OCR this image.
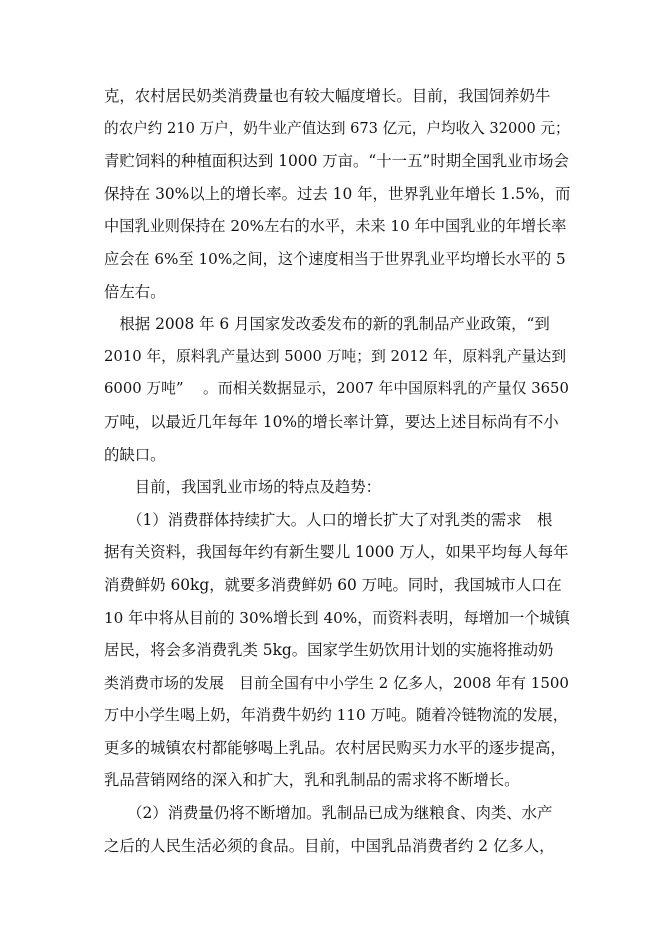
克，农村居民奶类消费量也有较大幅度增长。目前，我国饲养奶牛
的农户约 210 万户，奶牛业产值达到 673 亿元，户均收入 32000 元；
青贮饲料的种植面积达到 1000 万亩。“十一五”时期全国乳业市场会
保持在 30%以上的增长率。过去 10 年，世界乳业年增长 1.5%，而
中国乳业则保持在 20%左右的水平，未来 10 年中国乳业的年增长率
应会在 6%至 10%之间，这个速度相当于世界乳业平均增长水平的 5
倍左右。
　根据 2008 年 6 月国家发改委发布的新的乳制品产业政策，“到
2010 年，原料乳产量达到 5000 万吨；到 2012 年，原料乳产量达到
6000 万吨”　 。而相关数据显示，2007 年中国原料乳的产量仅 3650
万吨，以最近几年每年 10%的增长率计算，要达上述目标尚有不小
的缺口。
　　目前，我国乳业市场的特点及趋势：
　　（1）消费群体持续扩大。人口的增长扩大了对乳类的需求　根
据有关资料，我国每年约有新生婴儿 1000 万人，如果平均每人每年
消费鲜奶 60kg，就要多消费鲜奶 60 万吨。同时，我国城市人口在
10 年中将从目前的 30%增长到 40%，而资料表明，每增加一个城镇
居民，将会多消费乳类 5kg。国家学生奶饮用计划的实施将推动奶
类消费市场的发展　目前全国有中小学生 2 亿多人，2008 年有 1500
万中小学生喝上奶，年消费牛奶约 110 万吨。随着冷链物流的发展，
更多的城镇农村都能够喝上乳品。农村居民购买力水平的逐步提高，
乳品营销网络的深入和扩大，乳和乳制品的需求将不断增长。
　　（2）消费量仍将不断增加。乳制品已成为继粮食、肉类、水产
之后的人民生活必须的食品。目前，中国乳品消费者约 2 亿多人，
